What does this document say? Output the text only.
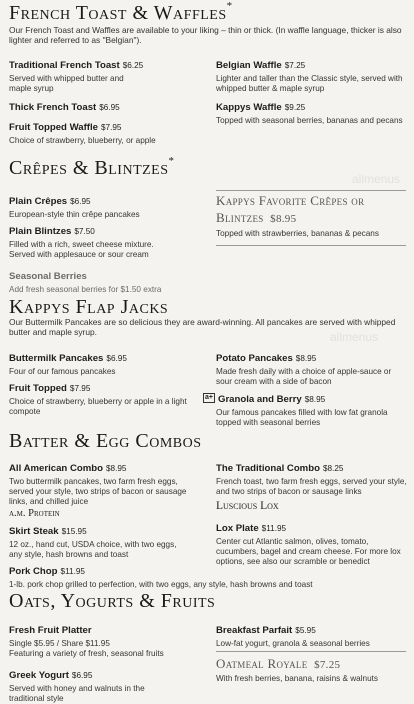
French Toast & Waffles*
Our French Toast and Waffles are available to your liking – thin or thick. (In waffle language, thicker is also lighter and referred to as "Belgian").
Traditional French Toast $6.25
Served with whipped butter and maple syrup
Thick French Toast $6.95
Fruit Topped Waffle $7.95
Choice of strawberry, blueberry, or apple
Belgian Waffle $7.25
Lighter and taller than the Classic style, served with whipped butter & maple syrup
Kappys Waffle $9.25
Topped with seasonal berries, bananas and pecans
Crêpes & Blintzes*
Plain Crêpes $6.95
European-style thin crêpe pancakes
Plain Blintzes $7.50
Filled with a rich, sweet cheese mixture. Served with applesauce or sour cream
Seasonal Berries
Add fresh seasonal berries for $1.50 extra
Kappys Favorite Crêpes or Blintzes $8.95
Topped with strawberries, bananas & pecans
Kappys Flap Jacks
Our Buttermilk Pancakes are so delicious they are award-winning. All pancakes are served with whipped butter and maple syrup.
Buttermilk Pancakes $6.95
Four of our famous pancakes
Fruit Topped $7.95
Choice of strawberry, blueberry or apple in a light compote
Potato Pancakes $8.95
Made fresh daily with a choice of apple-sauce or sour cream with a side of bacon
a+ Granola and Berry $8.95
Our famous pancakes filled with low fat granola topped with seasonal berries
Batter & Egg Combos
All American Combo $8.95
Two buttermilk pancakes, two farm fresh eggs, served your style, two strips of bacon or sausage links, and chilled juice
a.m. Protein
Skirt Steak $15.95
12 oz., hand cut, USDA choice, with two eggs, any style, hash browns and toast
Pork Chop $11.95
1-lb. pork chop grilled to perfection, with two eggs, any style, hash browns and toast
The Traditional Combo $8.25
French toast, two farm fresh eggs, served your style, and two strips of bacon or sausage links
Luscious Lox
Lox Plate $11.95
Center cut Atlantic salmon, olives, tomato, cucumbers, bagel and cream cheese. For more lox options, see also our scramble or benedict
Oats, Yogurts & Fruits
Fresh Fruit Platter
Single $5.95 / Share $11.95
Featuring a variety of fresh, seasonal fruits
Greek Yogurt $6.95
Served with honey and walnuts in the traditional style
Breakfast Parfait $5.95
Low-fat yogurt, granola & seasonal berries
Oatmeal Royale $7.25
With fresh berries, banana, raisins & walnuts
allmenus
allmenus
